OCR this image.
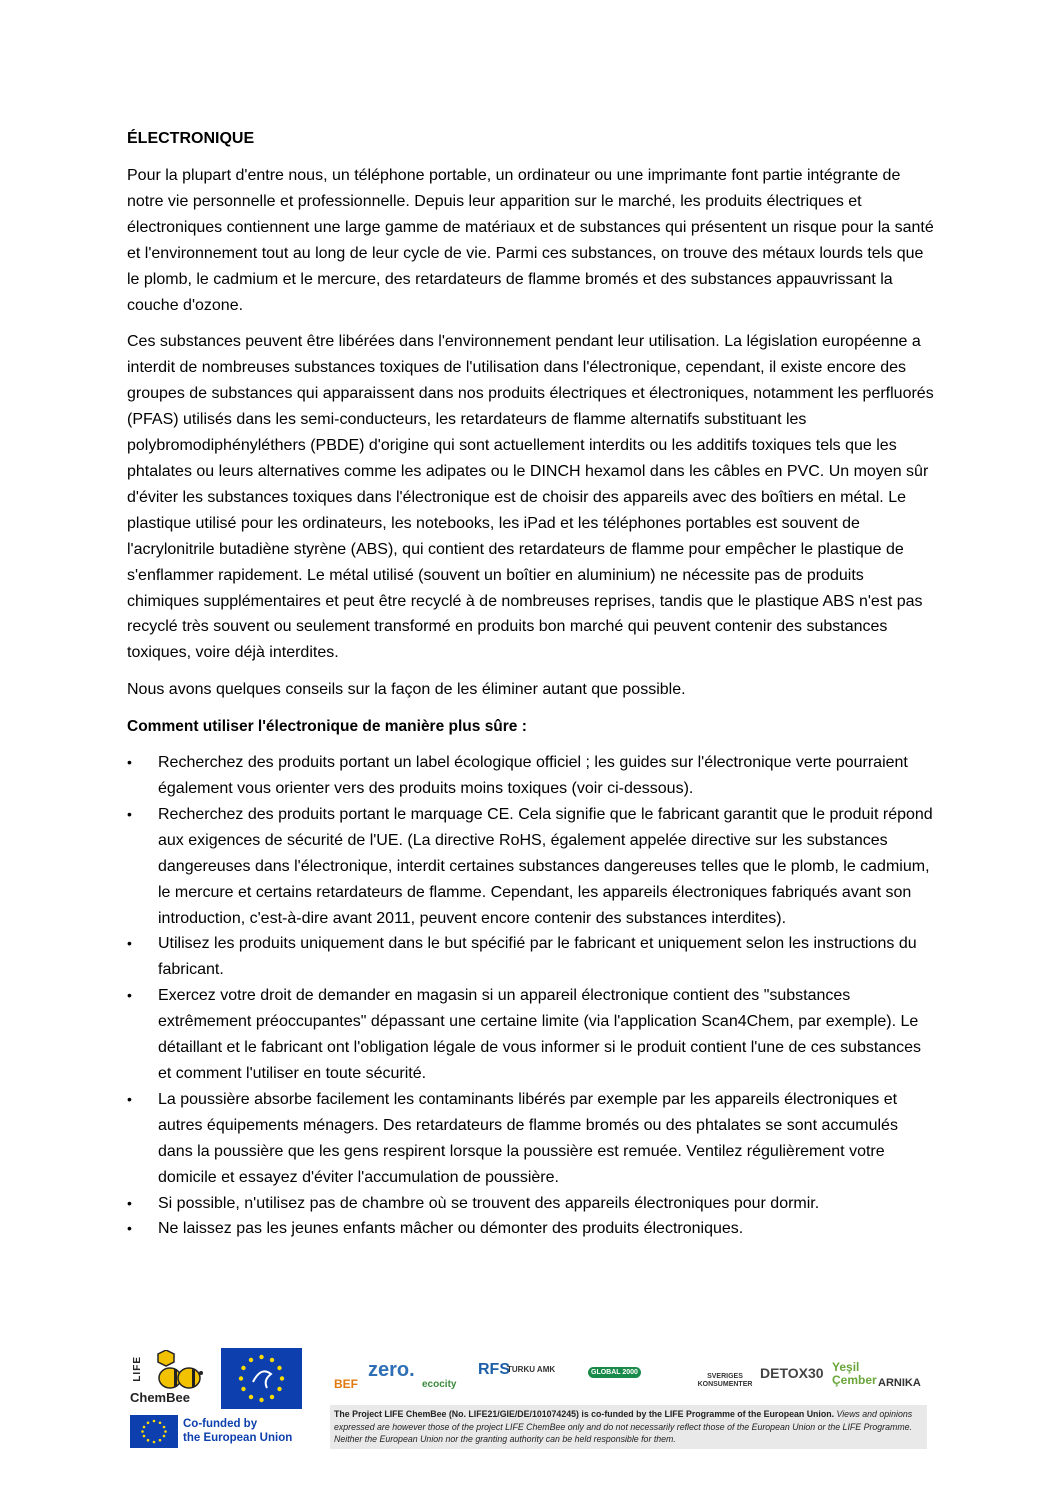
ÉLECTRONIQUE

Pour la plupart d'entre nous, un téléphone portable, un ordinateur ou une imprimante font partie intégrante de notre vie personnelle et professionnelle. Depuis leur apparition sur le marché, les produits électriques et électroniques contiennent une large gamme de matériaux et de substances qui présentent un risque pour la santé et l'environnement tout au long de leur cycle de vie. Parmi ces substances, on trouve des métaux lourds tels que le plomb, le cadmium et le mercure, des retardateurs de flamme bromés et des substances appauvrissant la couche d'ozone.

Ces substances peuvent être libérées dans l'environnement pendant leur utilisation. La législation européenne a interdit de nombreuses substances toxiques de l'utilisation dans l'électronique, cependant, il existe encore des groupes de substances qui apparaissent dans nos produits électriques et électroniques, notamment les perfluorés (PFAS) utilisés dans les semi-conducteurs, les retardateurs de flamme alternatifs substituant les polybromodiphényléthers (PBDE) d'origine qui sont actuellement interdits ou les additifs toxiques tels que les phtalates ou leurs alternatives comme les adipates ou le DINCH hexamol dans les câbles en PVC. Un moyen sûr d'éviter les substances toxiques dans l'électronique est de choisir des appareils avec des boîtiers en métal. Le plastique utilisé pour les ordinateurs, les notebooks, les iPad et les téléphones portables est souvent de l'acrylonitrile butadiène styrène (ABS), qui contient des retardateurs de flamme pour empêcher le plastique de s'enflammer rapidement. Le métal utilisé (souvent un boîtier en aluminium) ne nécessite pas de produits chimiques supplémentaires et peut être recyclé à de nombreuses reprises, tandis que le plastique ABS n'est pas recyclé très souvent ou seulement transformé en produits bon marché qui peuvent contenir des substances toxiques, voire déjà interdites.

Nous avons quelques conseils sur la façon de les éliminer autant que possible.

Comment utiliser l'électronique de manière plus sûre :
• Recherchez des produits portant un label écologique officiel ; les guides sur l'électronique verte pourraient également vous orienter vers des produits moins toxiques (voir ci-dessous).
• Recherchez des produits portant le marquage CE. Cela signifie que le fabricant garantit que le produit répond aux exigences de sécurité de l'UE. (La directive RoHS, également appelée directive sur les substances dangereuses dans l'électronique, interdit certaines substances dangereuses telles que le plomb, le cadmium, le mercure et certains retardateurs de flamme. Cependant, les appareils électroniques fabriqués avant son introduction, c'est-à-dire avant 2011, peuvent encore contenir des substances interdites).
• Utilisez les produits uniquement dans le but spécifié par le fabricant et uniquement selon les instructions du fabricant.
• Exercez votre droit de demander en magasin si un appareil électronique contient des "substances extrêmement préoccupantes" dépassant une certaine limite (via l'application Scan4Chem, par exemple). Le détaillant et le fabricant ont l'obligation légale de vous informer si le produit contient l'une de ces substances et comment l'utiliser en toute sécurité.
• La poussière absorbe facilement les contaminants libérés par exemple par les appareils électroniques et autres équipements ménagers. Des retardateurs de flamme bromés ou des phtalates se sont accumulés dans la poussière que les gens respirent lorsque la poussière est remuée. Ventilez régulièrement votre domicile et essayez d'éviter l'accumulation de poussière.
• Si possible, n'utilisez pas de chambre où se trouvent des appareils électroniques pour dormir.
• Ne laissez pas les jeunes enfants mâcher ou démonter des produits électroniques.
LIFE
ChemBee
Co-funded by
the European Union
BEF
zero.
ecocity
RFS
TURKU AMK	GLOBAL 2000
SVERIGES KONSUMENTER
DETOX30 Yeşil Çember ARNIKA
The Project LIFE ChemBee (No. LIFE21/GIE/DE/101074245) is co-funded by the LIFE Programme of the European Union. Views and opinions expressed are however those of the project LIFE ChemBee only and do not necessarily reflect those of the European Union or the LIFE Programme. Neither the European Union nor the granting authority can be held responsible for them.
